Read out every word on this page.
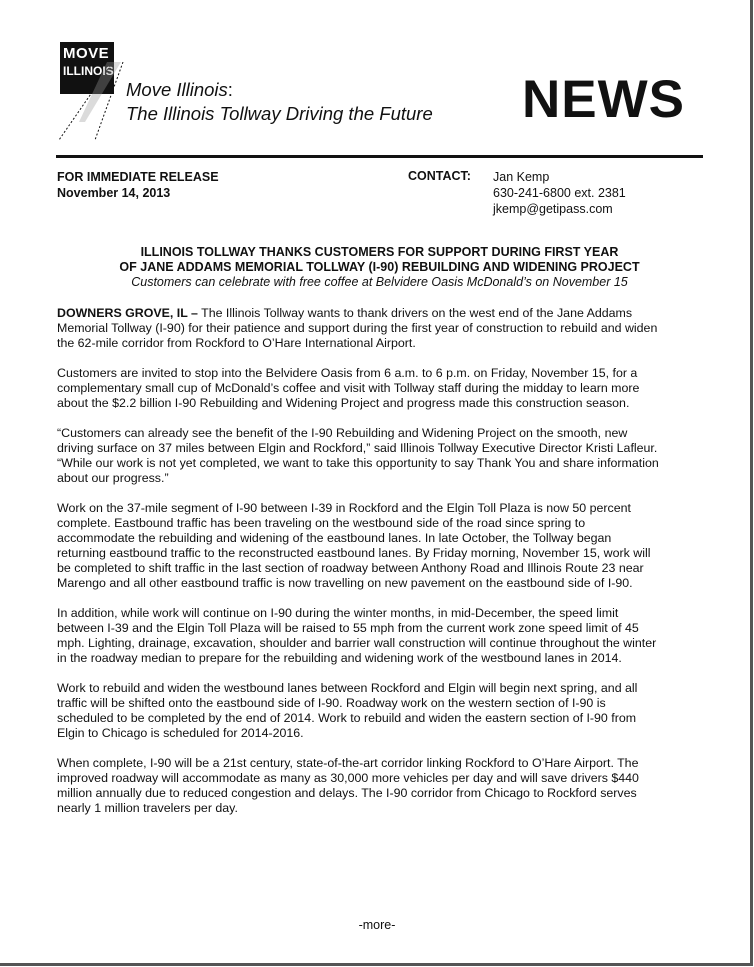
MOVE
ILLINOIS
Move Illinois:
The Illinois Tollway Driving the Future NEWS
FOR IMMEDIATE RELEASE
November 14, 2013
CONTACT: Jan Kemp
630-241-6800 ext. 2381
jkemp@getipass.com
ILLINOIS TOLLWAY THANKS CUSTOMERS FOR SUPPORT DURING FIRST YEAR
OF JANE ADDAMS MEMORIAL TOLLWAY (I-90) REBUILDING AND WIDENING PROJECT
Customers can celebrate with free coffee at Belvidere Oasis McDonald’s on November 15

DOWNERS GROVE, IL – The Illinois Tollway wants to thank drivers on the west end of the Jane Addams Memorial Tollway (I-90) for their patience and support during the first year of construction to rebuild and widen the 62-mile corridor from Rockford to O’Hare International Airport.

Customers are invited to stop into the Belvidere Oasis from 6 a.m. to 6 p.m. on Friday, November 15, for a complementary small cup of McDonald’s coffee and visit with Tollway staff during the midday to learn more about the $2.2 billion I-90 Rebuilding and Widening Project and progress made this construction season.

“Customers can already see the benefit of the I-90 Rebuilding and Widening Project on the smooth, new driving surface on 37 miles between Elgin and Rockford,” said Illinois Tollway Executive Director Kristi Lafleur. “While our work is not yet completed, we want to take this opportunity to say Thank You and share information about our progress.”

Work on the 37-mile segment of I-90 between I-39 in Rockford and the Elgin Toll Plaza is now 50 percent complete. Eastbound traffic has been traveling on the westbound side of the road since spring to accommodate the rebuilding and widening of the eastbound lanes. In late October, the Tollway began returning eastbound traffic to the reconstructed eastbound lanes. By Friday morning, November 15, work will be completed to shift traffic in the last section of roadway between Anthony Road and Illinois Route 23 near Marengo and all other eastbound traffic is now travelling on new pavement on the eastbound side of I-90.

In addition, while work will continue on I-90 during the winter months, in mid-December, the speed limit between I-39 and the Elgin Toll Plaza will be raised to 55 mph from the current work zone speed limit of 45 mph. Lighting, drainage, excavation, shoulder and barrier wall construction will continue throughout the winter in the roadway median to prepare for the rebuilding and widening work of the westbound lanes in 2014.

Work to rebuild and widen the westbound lanes between Rockford and Elgin will begin next spring, and all traffic will be shifted onto the eastbound side of I-90. Roadway work on the western section of I-90 is scheduled to be completed by the end of 2014. Work to rebuild and widen the eastern section of I-90 from Elgin to Chicago is scheduled for 2014-2016.

When complete, I-90 will be a 21st century, state-of-the-art corridor linking Rockford to O’Hare Airport. The improved roadway will accommodate as many as 30,000 more vehicles per day and will save drivers $440 million annually due to reduced congestion and delays. The I-90 corridor from Chicago to Rockford serves nearly 1 million travelers per day.

-more-
